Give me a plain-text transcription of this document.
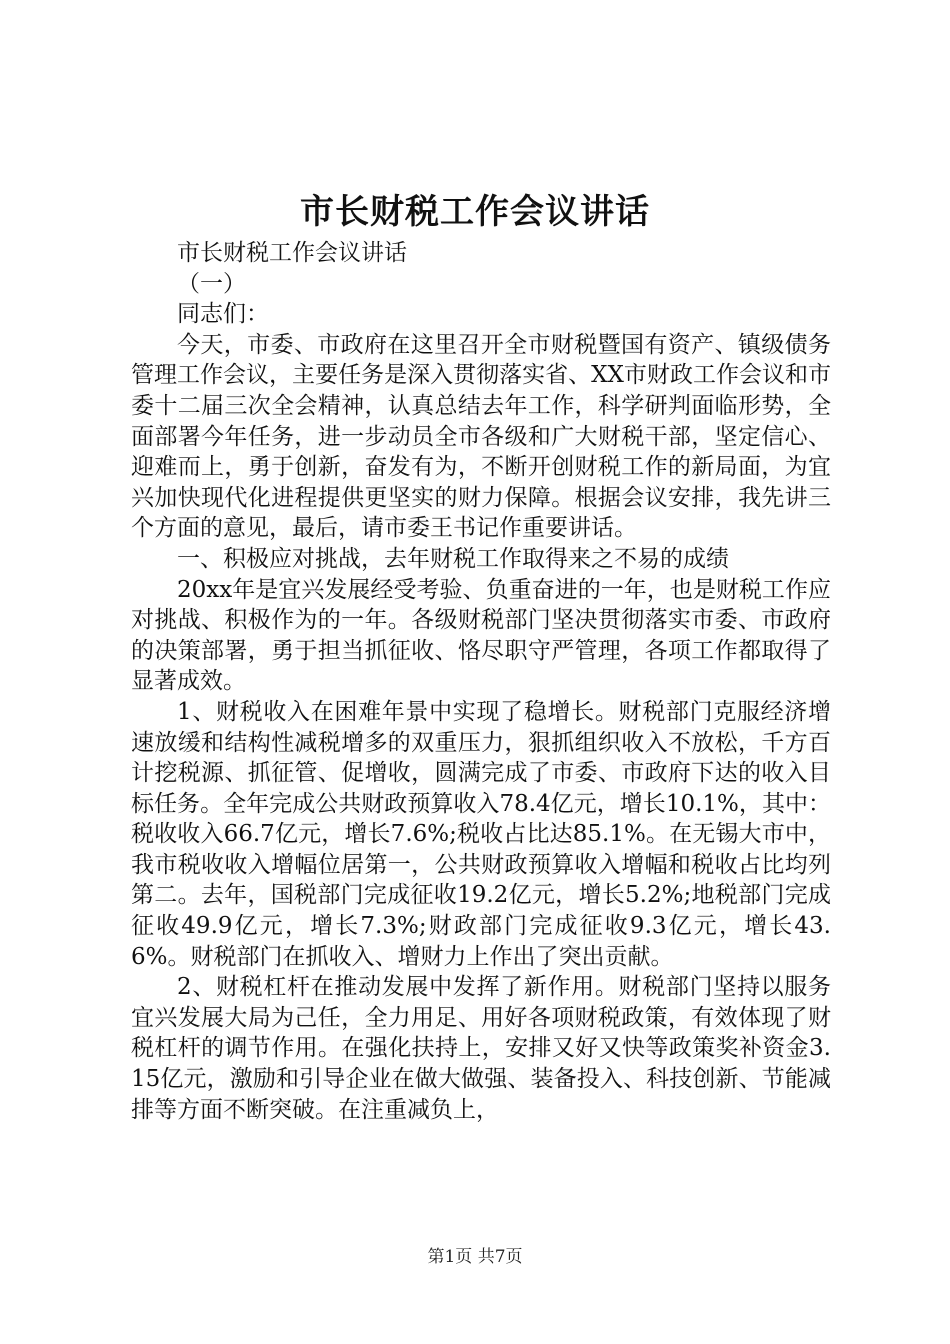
市长财税工作会议讲话

市长财税工作会议讲话

（一）

同志们：

今天，市委、市政府在这里召开全市财税暨国有资产、镇级债务管理工作会议，主要任务是深入贯彻落实省、XX市财政工作会议和市委十二届三次全会精神，认真总结去年工作，科学研判面临形势，全面部署今年任务，进一步动员全市各级和广大财税干部，坚定信心、迎难而上，勇于创新，奋发有为，不断开创财税工作的新局面，为宜兴加快现代化进程提供更坚实的财力保障。根据会议安排，我先讲三个方面的意见，最后，请市委王书记作重要讲话。

一、积极应对挑战，去年财税工作取得来之不易的成绩

20xx年是宜兴发展经受考验、负重奋进的一年，也是财税工作应对挑战、积极作为的一年。各级财税部门坚决贯彻落实市委、市政府的决策部署，勇于担当抓征收、恪尽职守严管理，各项工作都取得了显著成效。

1、财税收入在困难年景中实现了稳增长。财税部门克服经济增速放缓和结构性减税增多的双重压力，狠抓组织收入不放松，千方百计挖税源、抓征管、促增收，圆满完成了市委、市政府下达的收入目标任务。全年完成公共财政预算收入78.4亿元，增长10.1%，其中：税收收入66.7亿元，增长7.6%;税收占比达85.1%。在无锡大市中，我市税收收入增幅位居第一，公共财政预算收入增幅和税收占比均列第二。去年，国税部门完成征收19.2亿元，增长5.2%;地税部门完成征收49.9亿元，增长7.3%;财政部门完成征收9.3亿元，增长43.6%。财税部门在抓收入、增财力上作出了突出贡献。

2、财税杠杆在推动发展中发挥了新作用。财税部门坚持以服务宜兴发展大局为己任，全力用足、用好各项财税政策，有效体现了财税杠杆的调节作用。在强化扶持上，安排又好又快等政策奖补资金3.15亿元，激励和引导企业在做大做强、装备投入、科技创新、节能减排等方面不断突破。在注重减负上，

第1页 共7页
